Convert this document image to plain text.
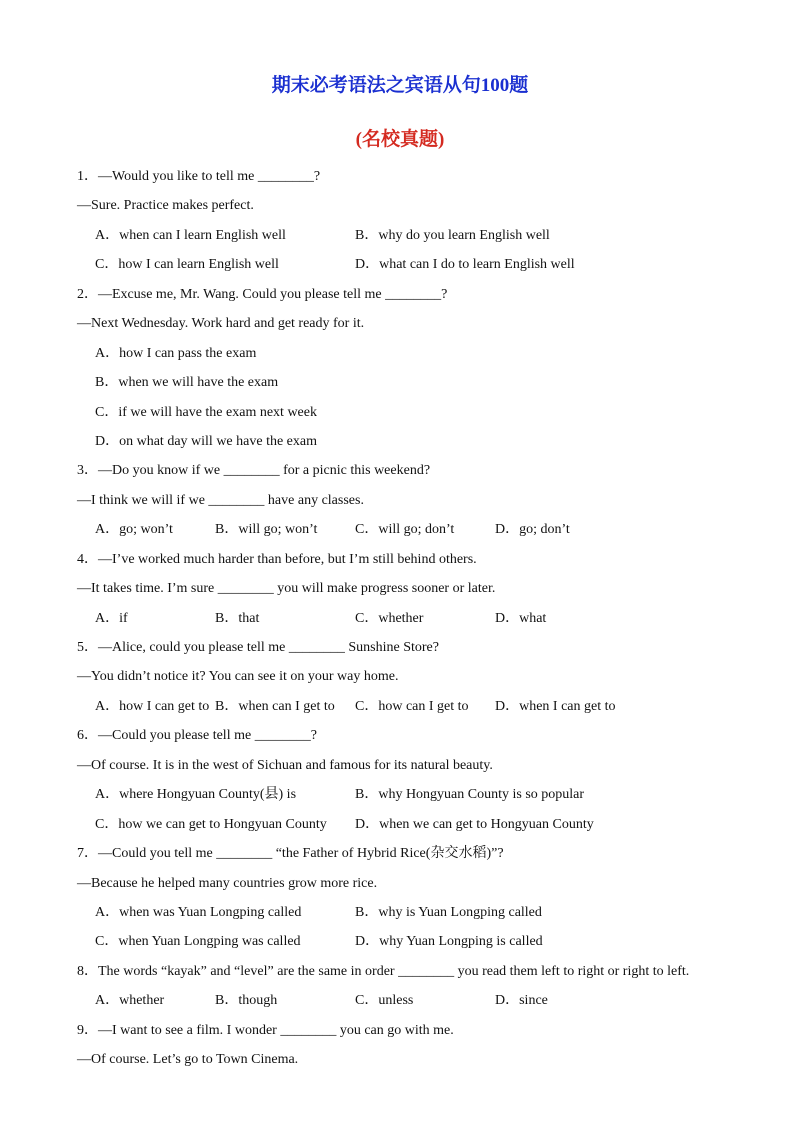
期末必考语法之宾语从句100题
(名校真题)
1．—Would you like to tell me ________?
—Sure. Practice makes perfect.
A．when can I learn English well	B．why do you learn English well
C．how I can learn English well	D．what can I do to learn English well
2．—Excuse me, Mr. Wang. Could you please tell me ________?
—Next Wednesday. Work hard and get ready for it.
A．how I can pass the exam
B．when we will have the exam
C．if we will have the exam next week
D．on what day will we have the exam
3．—Do you know if we ________ for a picnic this weekend?
—I think we will if we ________ have any classes.
A．go; won’t	B．will go; won’t	C．will go; don’t	D．go; don’t
4．—I’ve worked much harder than before, but I’m still behind others.
—It takes time. I’m sure ________ you will make progress sooner or later.
A．if	B．that	C．whether	D．what
5．—Alice, could you please tell me ________ Sunshine Store?
—You didn’t notice it? You can see it on your way home.
A．how I can get to B．when can I get to C．how can I get to D．when I can get to
6．—Could you please tell me ________?
—Of course. It is in the west of Sichuan and famous for its natural beauty.
A．where Hongyuan County(县) is	B．why Hongyuan County is so popular
C．how we can get to Hongyuan County D．when we can get to Hongyuan County
7．—Could you tell me ________ “the Father of Hybrid Rice(杂交水稻)”?
—Because he helped many countries grow more rice.
A．when was Yuan Longping called	B．why is Yuan Longping called
C．when Yuan Longping was called	D．why Yuan Longping is called
8．The words “kayak” and “level” are the same in order ________ you read them left to right or right to left.
A．whether	B．though	C．unless	D．since
9．—I want to see a film. I wonder ________ you can go with me.
—Of course. Let’s go to Town Cinema.
